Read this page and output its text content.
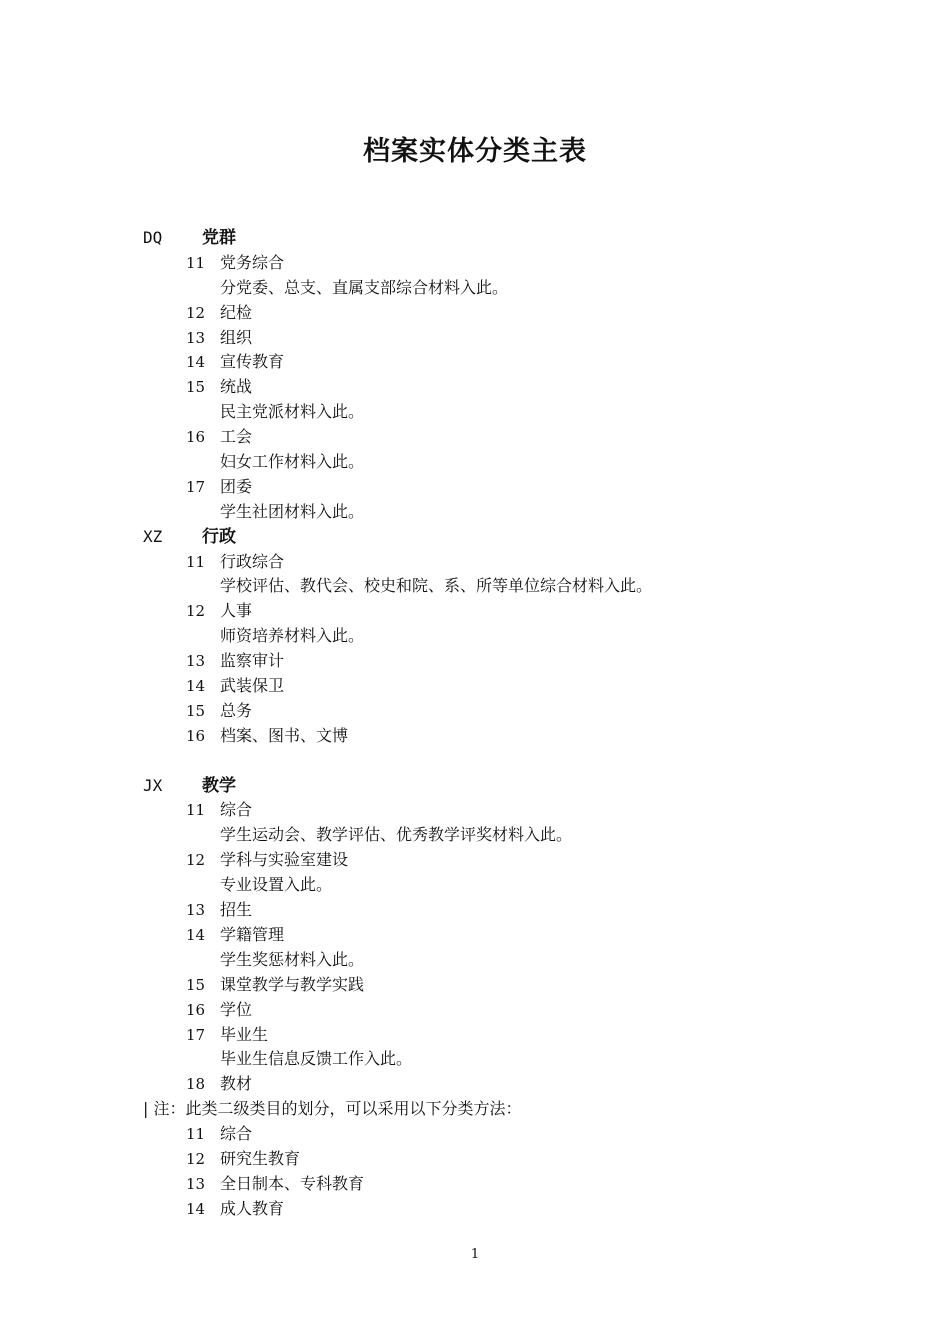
档案实体分类主表
DQ 党群
11 党务综合
分党委、总支、直属支部综合材料入此。
12 纪检
13 组织
14 宣传教育
15 统战
民主党派材料入此。
16 工会
妇女工作材料入此。
17 团委
学生社团材料入此。
XZ 行政
11 行政综合
学校评估、教代会、校史和院、系、所等单位综合材料入此。
12 人事
师资培养材料入此。
13 监察审计
14 武装保卫
15 总务
16 档案、图书、文博
JX 教学
11 综合
学生运动会、教学评估、优秀教学评奖材料入此。
12 学科与实验室建设
专业设置入此。
13 招生
14 学籍管理
学生奖惩材料入此。
15 课堂教学与教学实践
16 学位
17 毕业生
毕业生信息反馈工作入此。
18 教材
| 注：此类二级类目的划分，可以采用以下分类方法：
11 综合
12 研究生教育
13 全日制本、专科教育
14 成人教育
1
